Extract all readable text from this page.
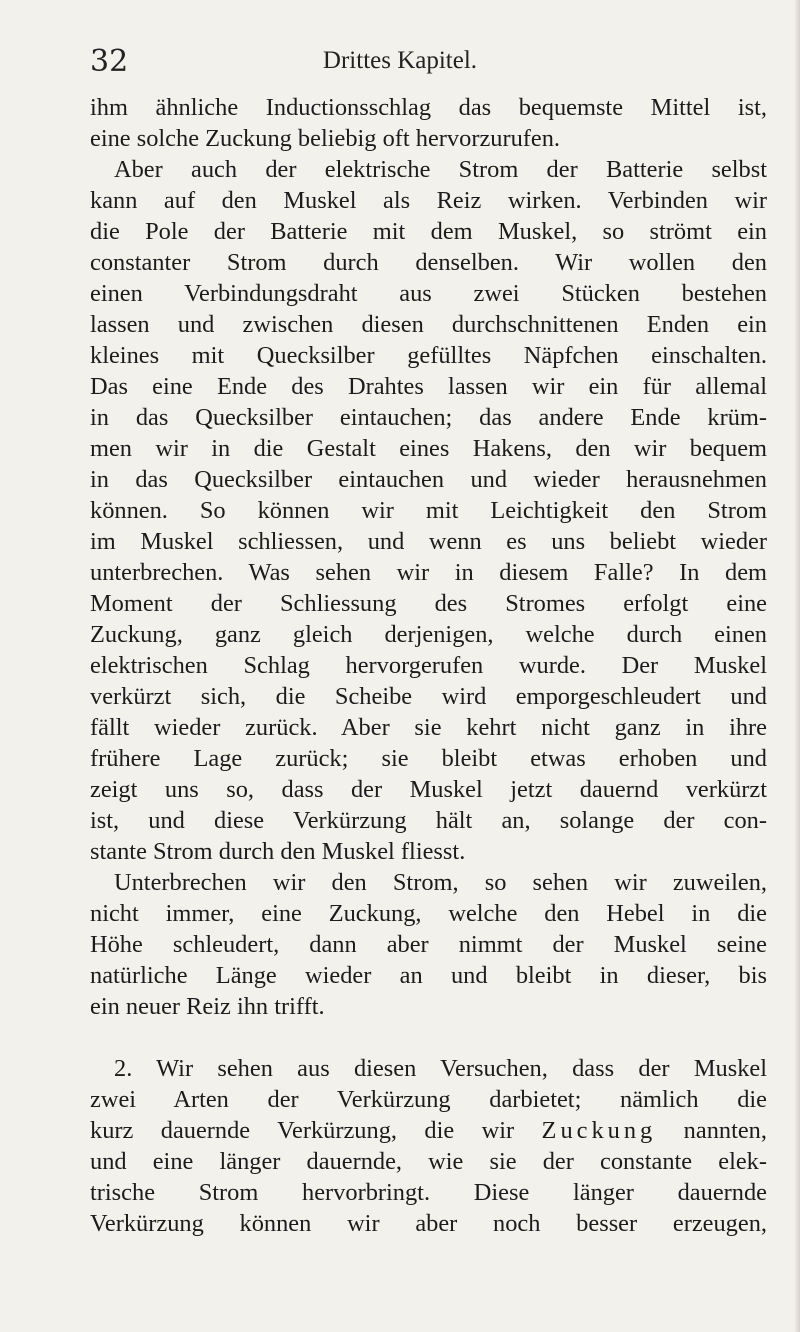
32	Drittes Kapitel.
ihm ähnliche Inductionsschlag das bequemste Mittel ist,
eine solche Zuckung beliebig oft hervorzurufen.
Aber auch der elektrische Strom der Batterie selbst
kann auf den Muskel als Reiz wirken. Verbinden wir
die Pole der Batterie mit dem Muskel, so strömt ein
constanter Strom durch denselben. Wir wollen den
einen Verbindungsdraht aus zwei Stücken bestehen
lassen und zwischen diesen durchschnittenen Enden ein
kleines mit Quecksilber gefülltes Näpfchen einschalten.
Das eine Ende des Drahtes lassen wir ein für allemal
in das Quecksilber eintauchen; das andere Ende krüm-
men wir in die Gestalt eines Hakens, den wir bequem
in das Quecksilber eintauchen und wieder herausnehmen
können. So können wir mit Leichtigkeit den Strom
im Muskel schliessen, und wenn es uns beliebt wieder
unterbrechen. Was sehen wir in diesem Falle? In dem
Moment der Schliessung des Stromes erfolgt eine
Zuckung, ganz gleich derjenigen, welche durch einen
elektrischen Schlag hervorgerufen wurde. Der Muskel
verkürzt sich, die Scheibe wird emporgeschleudert und
fällt wieder zurück. Aber sie kehrt nicht ganz in ihre
frühere Lage zurück; sie bleibt etwas erhoben und
zeigt uns so, dass der Muskel jetzt dauernd verkürzt
ist, und diese Verkürzung hält an, solange der con-
stante Strom durch den Muskel fliesst.
Unterbrechen wir den Strom, so sehen wir zuweilen,
nicht immer, eine Zuckung, welche den Hebel in die
Höhe schleudert, dann aber nimmt der Muskel seine
natürliche Länge wieder an und bleibt in dieser, bis
ein neuer Reiz ihn trifft.
2. Wir sehen aus diesen Versuchen, dass der Muskel
zwei Arten der Verkürzung darbietet; nämlich die
kurz dauernde Verkürzung, die wir Zuckung nannten,
und eine länger dauernde, wie sie der constante elek-
trische Strom hervorbringt. Diese länger dauernde
Verkürzung können wir aber noch besser erzeugen,
